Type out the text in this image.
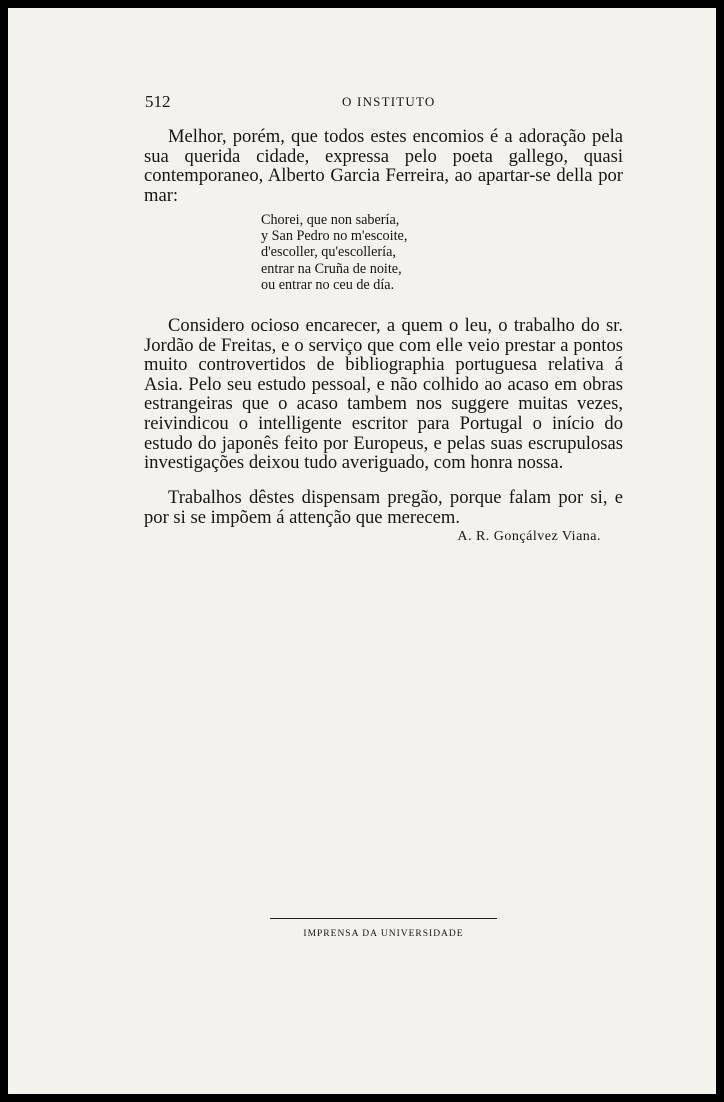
512	O INSTITUTO

Melhor, porém, que todos estes encomios é a adoração pela sua querida cidade, expressa pelo poeta gallego, quasi contemporaneo, Alberto Garcia Ferreira, ao apartar-se della por mar:

Chorei, que non sabería,
y San Pedro no m'escoite,
d'escoller, qu'escollería,
entrar na Cruña de noite,
ou entrar no ceu de día.

Considero ocioso encarecer, a quem o leu, o trabalho do sr. Jordão de Freitas, e o serviço que com elle veio prestar a pontos muito controvertidos de bibliographia portuguesa relativa á Asia. Pelo seu estudo pessoal, e não colhido ao acaso em obras estrangeiras que o acaso tambem nos suggere muitas vezes, reivindicou o intelligente escritor para Portugal o início do estudo do japonês feito por Europeus, e pelas suas escrupulosas investigações deixou tudo averiguado, com honra nossa.

Trabalhos dêstes dispensam pregão, porque falam por si, e por si se impõem á attenção que merecem.

A. R. Gonçálvez Viana.
IMPRENSA DA UNIVERSIDADE
